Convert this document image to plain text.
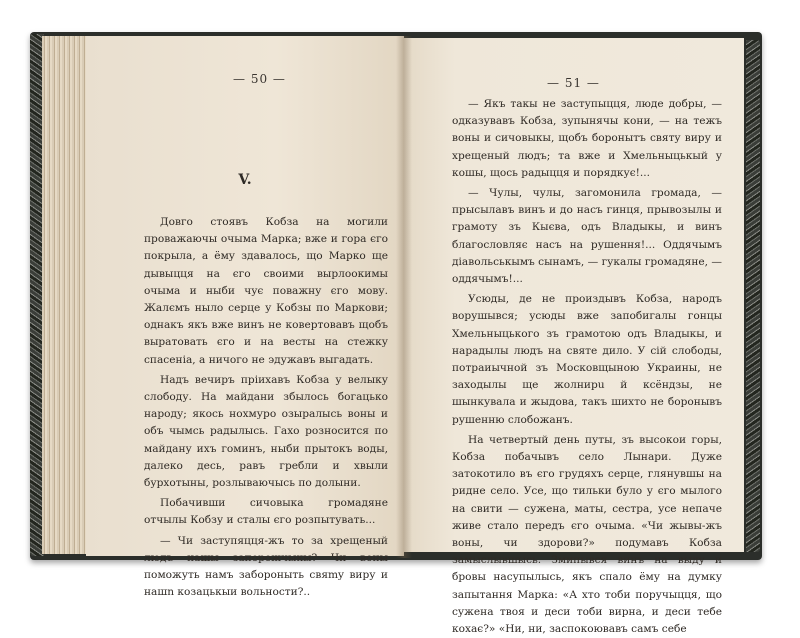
— 50 —
V.

Довго стоявъ Кобза на могили проважаючы очыма Марка; вже и гора єго покрыла, а ёму здавалось, що Марко ще дывыцця на єго своими вырлоокимы очыма и ныби чує поважну єго мову. Жалємъ ныло серце у Кобзы по Маркови; однакъ якъ вже винъ не ковертовавъ щобъ выратовать єго и на весты на стежку спасеніа, а ничого не эдужавъ выгадать.

Надъ вечиръ прiихавъ Кобза у велыку слободу. На майдани збылось богацько народу; якось нохмуро озыралысь воны и объ чымсь радылысь. Гахо розносится по майдану ихъ гоминъ, ныби прытокъ воды, далеко десь, равъ гребли и хвыли бурхотыны, розлываючысь по долыни.

Побачивши сичовыка громадяне отчылы Кобзу и стaлы єго розпытувать...

— Чи заступяцця-жъ то за хрещеный людъ нашы запорожчыкы? Чи воны поможуть намъ забороныть свяmy виру и нашn козацькыи вольности?..

— 51 —

— Якъ такы не заступыцця, люде добры, — одказувавъ Кобза, зупынячы кони, — на тежъ воны и сичовыкы, щобъ боронытъ святу виру и хрещеный людъ; та вже и Хмельныцькый у кошы, щось радыцця и порядкує!...

— Чулы, чулы, загомонила громада, — прысылавъ винъ и до насъ гинця, прывозылы и грамоту зъ Кыєва, одъ Владыкы, и винъ благословляє насъ на рушення!... Оддячымъ дiавольськымъ сынамъ, — гукалы громадяне, — оддячымъ!...

Усюды, де не произдывъ Кобза, народъ ворушывся; усюды вже запобигалы гонцы Хмельныцького зъ грамотою одъ Владыкы, и нарaдылы людъ на святе дило. У сiй слободы, потраиычной зъ Московщыною Украины, не заходылы ще жолнирu й ксёндзы, не шынкувала и жыдова, такъ шихто не боронывъ рушенню слобожанъ.

На четвертый день путы, зъ высокои горы, Кобза побачывъ село Лынари. Дуже затокотило въ єго грудяхъ серце, глянувшы на ридне село. Усе, що тильки було у єго мылого на свити — сужена, маты, сестра, усе непаче живе стало передъ єго очыма. «Чи жывы-жъ воны, чи здорови?» подумавъ Кобза замыслывшысь. Змипывся винъ на выду и бровы насупылысь, якъ спало ёму на думку запытання Марка: «А хто тоби поручыцця, що сужена твоя и деси тоби вирна, и деси тебе кохає?» «Ни, ни, заспокоювавъ самъ себе
